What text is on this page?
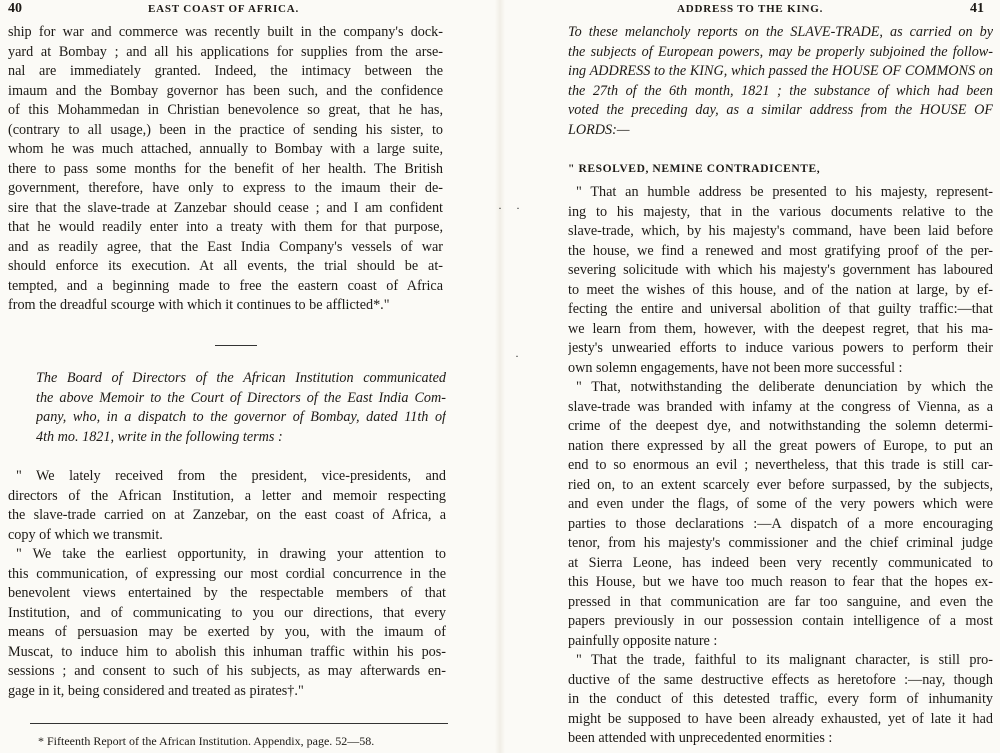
40	EAST COAST OF AFRICA.
ship for war and commerce was recently built in the company's dock-
yard at Bombay ; and all his applications for supplies from the arse-
nal are immediately granted. Indeed, the intimacy between the
imaum and the Bombay governor has been such, and the confidence
of this Mohammedan in Christian benevolence so great, that he has,
(contrary to all usage,) been in the practice of sending his sister, to
whom he was much attached, annually to Bombay with a large suite,
there to pass some months for the benefit of her health. The British
government, therefore, have only to express to the imaum their de-
sire that the slave-trade at Zanzebar should cease ; and I am confident
that he would readily enter into a treaty with them for that purpose,
and as readily agree, that the East India Company's vessels of war
should enforce its execution. At all events, the trial should be at-
tempted, and a beginning made to free the eastern coast of Africa
from the dreadful scourge with which it continues to be afflicted*."
The Board of Directors of the African Institution communicated
the above Memoir to the Court of Directors of the East India Com-
pany, who, in a dispatch to the governor of Bombay, dated 11th of
4th mo. 1821, write in the following terms :
" We lately received from the president, vice-presidents, and
directors of the African Institution, a letter and memoir respecting
the slave-trade carried on at Zanzebar, on the east coast of Africa, a
copy of which we transmit.
" We take the earliest opportunity, in drawing your attention to
this communication, of expressing our most cordial concurrence in the
benevolent views entertained by the respectable members of that
Institution, and of communicating to you our directions, that every
means of persuasion may be exerted by you, with the imaum of
Muscat, to induce him to abolish this inhuman traffic within his pos-
sessions ; and consent to such of his subjects, as may afterwards en-
gage in it, being considered and treated as pirates†."
* Fifteenth Report of the African Institution. Appendix, page. 52—58.
· ·
·
ADDRESS TO THE KING.	41
To these melancholy reports on the SLAVE-TRADE, as carried on by
the subjects of European powers, may be properly subjoined the follow-
ing ADDRESS to the KING, which passed the HOUSE OF COMMONS on
the 27th of the 6th month, 1821 ; the substance of which had been
voted the preceding day, as a similar address from the HOUSE OF
LORDS:—
" RESOLVED, NEMINE CONTRADICENTE,
" That an humble address be presented to his majesty, represent-
ing to his majesty, that in the various documents relative to the
slave-trade, which, by his majesty's command, have been laid before
the house, we find a renewed and most gratifying proof of the per-
severing solicitude with which his majesty's government has laboured
to meet the wishes of this house, and of the nation at large, by ef-
fecting the entire and universal abolition of that guilty traffic:—that
we learn from them, however, with the deepest regret, that his ma-
jesty's unwearied efforts to induce various powers to perform their
own solemn engagements, have not been more successful :
" That, notwithstanding the deliberate denunciation by which the
slave-trade was branded with infamy at the congress of Vienna, as a
crime of the deepest dye, and notwithstanding the solemn determi-
nation there expressed by all the great powers of Europe, to put an
end to so enormous an evil ; nevertheless, that this trade is still car-
ried on, to an extent scarcely ever before surpassed, by the subjects,
and even under the flags, of some of the very powers which were
parties to those declarations :—A dispatch of a more encouraging
tenor, from his majesty's commissioner and the chief criminal judge
at Sierra Leone, has indeed been very recently communicated to
this House, but we have too much reason to fear that the hopes ex-
pressed in that communication are far too sanguine, and even the
papers previously in our possession contain intelligence of a most
painfully opposite nature :
" That the trade, faithful to its malignant character, is still pro-
ductive of the same destructive effects as heretofore :—nay, though
in the conduct of this detested traffic, every form of inhumanity
might be supposed to have been already exhausted, yet of late it had
been attended with unprecedented enormities :
